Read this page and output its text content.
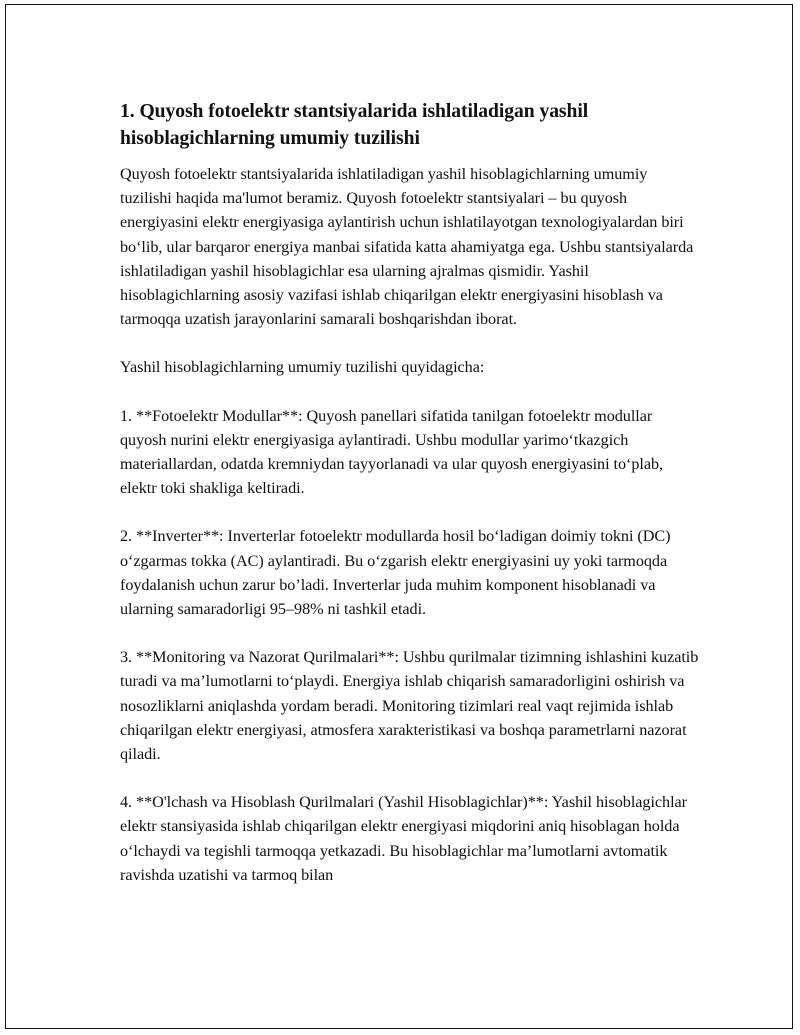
1. Quyosh fotoelektr stantsiyalarida ishlatiladigan yashil hisoblagichlarning umumiy tuzilishi

Quyosh fotoelektr stantsiyalarida ishlatiladigan yashil hisoblagichlarning umumiy tuzilishi haqida ma'lumot beramiz. Quyosh fotoelektr stantsiyalari – bu quyosh energiyasini elektr energiyasiga aylantirish uchun ishlatilayotgan texnologiyalardan biri bo‘lib, ular barqaror energiya manbai sifatida katta ahamiyatga ega. Ushbu stantsiyalarda ishlatiladigan yashil hisoblagichlar esa ularning ajralmas qismidir. Yashil hisoblagichlarning asosiy vazifasi ishlab chiqarilgan elektr energiyasini hisoblash va tarmoqqa uzatish jarayonlarini samarali boshqarishdan iborat.

Yashil hisoblagichlarning umumiy tuzilishi quyidagicha:

1. **Fotoelektr Modullar**: Quyosh panellari sifatida tanilgan fotoelektr modullar quyosh nurini elektr energiyasiga aylantiradi. Ushbu modullar yarimo‘tkazgich materiallardan, odatda kremniydan tayyorlanadi va ular quyosh energiyasini to‘plab, elektr toki shakliga keltiradi.

2. **Inverter**: Inverterlar fotoelektr modullarda hosil bo‘ladigan doimiy tokni (DC) o‘zgarmas tokka (AC) aylantiradi. Bu o‘zgarish elektr energiyasini uy yoki tarmoqda foydalanish uchun zarur bo’ladi. Inverterlar juda muhim komponent hisoblanadi va ularning samaradorligi 95–98% ni tashkil etadi.

3. **Monitoring va Nazorat Qurilmalari**: Ushbu qurilmalar tizimning ishlashini kuzatib turadi va ma’lumotlarni to‘playdi. Energiya ishlab chiqarish samaradorligini oshirish va nosozliklarni aniqlashda yordam beradi. Monitoring tizimlari real vaqt rejimida ishlab chiqarilgan elektr energiyasi, atmosfera xarakteristikasi va boshqa parametrlarni nazorat qiladi.

4. **O'lchash va Hisoblash Qurilmalari (Yashil Hisoblagichlar)**: Yashil hisoblagichlar elektr stansiyasida ishlab chiqarilgan elektr energiyasi miqdorini aniq hisoblagan holda o‘lchaydi va tegishli tarmoqqa yetkazadi. Bu hisoblagichlar ma’lumotlarni avtomatik ravishda uzatishi va tarmoq bilan
